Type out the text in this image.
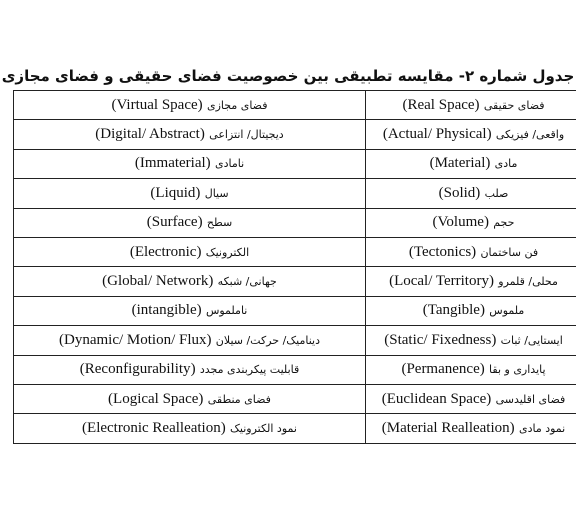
جدول شماره ۲- مقایسه تطبیقی بین خصوصیت فضای حقیقی و فضای مجازی
فضای حقیقی (Real Space)	فضای مجازی (Virtual Space)
واقعی/ فیزیکی (Actual/ Physical)	دیجیتال/ انتزاعی (Digital/ Abstract)
مادی (Material)	نامادی (Immaterial)
صلب (Solid)	سیال (Liquid)
حجم (Volume)	سطح (Surface)
فن ساختمان (Tectonics)	الکترونیک (Electronic)
محلی/ قلمرو (Local/ Territory)	جهانی/ شبکه (Global/ Network)
ملموس (Tangible)	ناملموس (intangible)
ایستایی/ ثبات (Static/ Fixedness)	دینامیک/ حرکت/ سیلان (Dynamic/ Motion/ Flux)
پایداری و بقا (Permanence)	قابلیت پیکربندی مجدد (Reconfigurability)
فضای اقلیدسی (Euclidean Space)	فضای منطقی (Logical Space)
نمود مادی (Material Realleation)	نمود الکترونیک (Electronic Realleation)
